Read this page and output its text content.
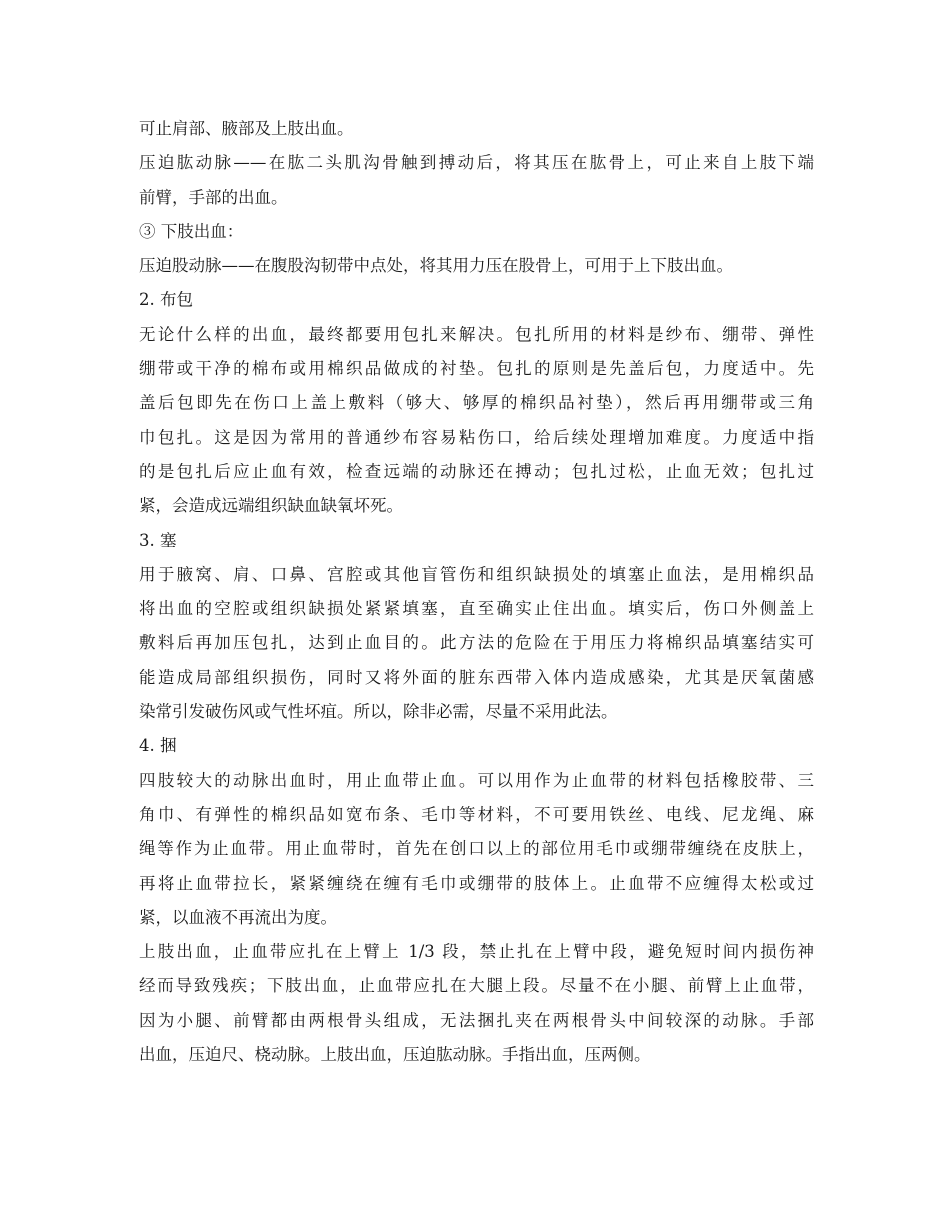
可止肩部、腋部及上肢出血。
压迫肱动脉——在肱二头肌沟骨触到搏动后，将其压在肱骨上，可止来自上肢下端
前臂，手部的出血。
③ 下肢出血：
压迫股动脉——在腹股沟韧带中点处，将其用力压在股骨上，可用于上下肢出血。
2. 布包
无论什么样的出血，最终都要用包扎来解决。包扎所用的材料是纱布、绷带、弹性
绷带或干净的棉布或用棉织品做成的衬垫。包扎的原则是先盖后包，力度适中。先
盖后包即先在伤口上盖上敷料（够大、够厚的棉织品衬垫），然后再用绷带或三角
巾包扎。这是因为常用的普通纱布容易粘伤口，给后续处理增加难度。力度适中指
的是包扎后应止血有效，检查远端的动脉还在搏动；包扎过松，止血无效；包扎过
紧，会造成远端组织缺血缺氧坏死。
3. 塞
用于腋窝、肩、口鼻、宫腔或其他盲管伤和组织缺损处的填塞止血法，是用棉织品
将出血的空腔或组织缺损处紧紧填塞，直至确实止住出血。填实后，伤口外侧盖上
敷料后再加压包扎，达到止血目的。此方法的危险在于用压力将棉织品填塞结实可
能造成局部组织损伤，同时又将外面的脏东西带入体内造成感染，尤其是厌氧菌感
染常引发破伤风或气性坏疽。所以，除非必需，尽量不采用此法。
4. 捆
四肢较大的动脉出血时，用止血带止血。可以用作为止血带的材料包括橡胶带、三
角巾、有弹性的棉织品如宽布条、毛巾等材料，不可要用铁丝、电线、尼龙绳、麻
绳等作为止血带。用止血带时，首先在创口以上的部位用毛巾或绷带缠绕在皮肤上，
再将止血带拉长，紧紧缠绕在缠有毛巾或绷带的肢体上。止血带不应缠得太松或过
紧，以血液不再流出为度。
上肢出血，止血带应扎在上臂上 1/3 段，禁止扎在上臂中段，避免短时间内损伤神
经而导致残疾；下肢出血，止血带应扎在大腿上段。尽量不在小腿、前臂上止血带，
因为小腿、前臂都由两根骨头组成，无法捆扎夹在两根骨头中间较深的动脉。手部
出血，压迫尺、桡动脉。上肢出血，压迫肱动脉。手指出血，压两侧。
